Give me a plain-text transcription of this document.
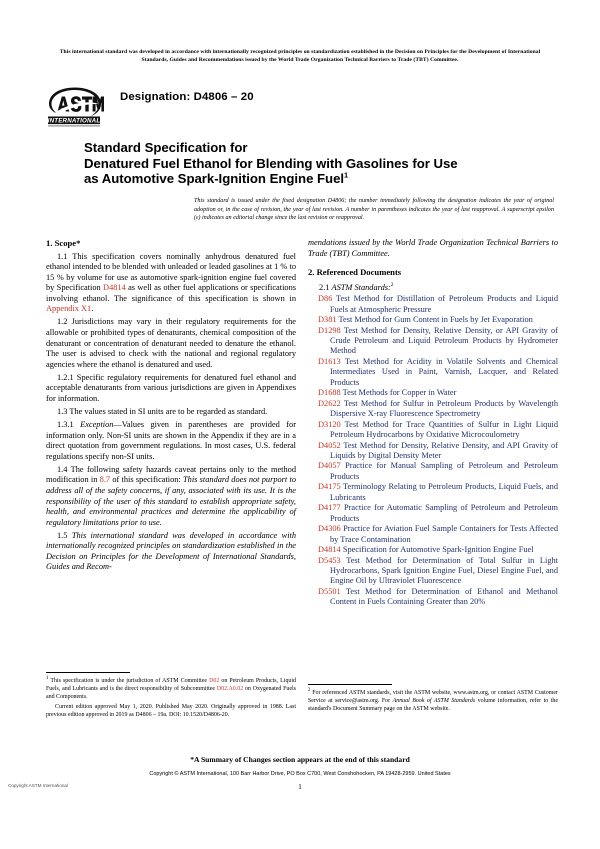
This international standard was developed in accordance with internationally recognized principles on standardization established in the Decision on Principles for the Development of International Standards, Guides and Recommendations issued by the World Trade Organization Technical Barriers to Trade (TBT) Committee.
INTERNATIONAL
Designation: D4806 – 20
Standard Specification for
Denatured Fuel Ethanol for Blending with Gasolines for Use
as Automotive Spark-Ignition Engine Fuel$^1$
This standard is issued under the fixed designation D4806; the number immediately following the designation indicates the year of original adoption or, in the case of revision, the year of last revision. A number in parentheses indicates the year of last reapproval. A superscript epsilon (ε) indicates an editorial change since the last revision or reapproval.
1. Scope*

1.1 This specification covers nominally anhydrous denatured fuel ethanol intended to be blended with unleaded or leaded gasolines at 1 % to 15 % by volume for use as automotive spark-ignition engine fuel covered by Specification D4814 as well as other fuel applications or specifications involving ethanol. The significance of this specification is shown in Appendix X1.

1.2 Jurisdictions may vary in their regulatory requirements for the allowable or prohibited types of denaturants, chemical composition of the denaturant or concentration of denaturant needed to denature the ethanol. The user is advised to check with the national and regional regulatory agencies where the ethanol is denatured and used.

1.2.1 Specific regulatory requirements for denatured fuel ethanol and acceptable denaturants from various jurisdictions are given in Appendixes for information.

1.3 The values stated in SI units are to be regarded as standard.

1.3.1 Exception—Values given in parentheses are provided for information only. Non-SI units are shown in the Appendix if they are in a direct quotation from government regulations. In most cases, U.S. federal regulations specify non-SI units.

1.4 The following safety hazards caveat pertains only to the method modification in 8.7 of this specification: This standard does not purport to address all of the safety concerns, if any, associated with its use. It is the responsibility of the user of this standard to establish appropriate safety, health, and environmental practices and determine the applicability of regulatory limitations prior to use.

1.5 This international standard was developed in accordance with internationally recognized principles on standardization established in the Decision on Principles for the Development of International Standards, Guides and Recom-

mendations issued by the World Trade Organization Technical Barriers to Trade (TBT) Committee.

2. Referenced Documents
2.1 ASTM Standards:$^2$
D86 Test Method for Distillation of Petroleum Products and Liquid Fuels at Atmospheric Pressure
D381 Test Method for Gum Content in Fuels by Jet Evaporation
D1298 Test Method for Density, Relative Density, or API Gravity of Crude Petroleum and Liquid Petroleum Products by Hydrometer Method
D1613 Test Method for Acidity in Volatile Solvents and Chemical Intermediates Used in Paint, Varnish, Lacquer, and Related Products
D1688 Test Methods for Copper in Water
D2622 Test Method for Sulfur in Petroleum Products by Wavelength Dispersive X-ray Fluorescence Spectrometry
D3120 Test Method for Trace Quantities of Sulfur in Light Liquid Petroleum Hydrocarbons by Oxidative Microcoulometry
D4052 Test Method for Density, Relative Density, and API Gravity of Liquids by Digital Density Meter
D4057 Practice for Manual Sampling of Petroleum and Petroleum Products
D4175 Terminology Relating to Petroleum Products, Liquid Fuels, and Lubricants
D4177 Practice for Automatic Sampling of Petroleum and Petroleum Products
D4306 Practice for Aviation Fuel Sample Containers for Tests Affected by Trace Contamination
D4814 Specification for Automotive Spark-Ignition Engine Fuel
D5453 Test Method for Determination of Total Sulfur in Light Hydrocarbons, Spark Ignition Engine Fuel, Diesel Engine Fuel, and Engine Oil by Ultraviolet Fluorescence
D5501 Test Method for Determination of Ethanol and Methanol Content in Fuels Containing Greater than 20%

$^1$ This specification is under the jurisdiction of ASTM Committee D02 on Petroleum Products, Liquid Fuels, and Lubricants and is the direct responsibility of Subcommittee D02.A0.02 on Oxygenated Fuels and Components.

Current edition approved May 1, 2020. Published May 2020. Originally approved in 1988. Last previous edition approved in 2019 as D4806 – 19a. DOI: 10.1520/D4806-20.

$^2$ For referenced ASTM standards, visit the ASTM website, www.astm.org, or contact ASTM Customer Service at service@astm.org. For Annual Book of ASTM Standards volume information, refer to the standard's Document Summary page on the ASTM website.

*A Summary of Changes section appears at the end of this standard
Copyright © ASTM International, 100 Barr Harbor Drive, PO Box C700, West Conshohocken, PA 19428-2959. United States
Copyright ASTM International	1
